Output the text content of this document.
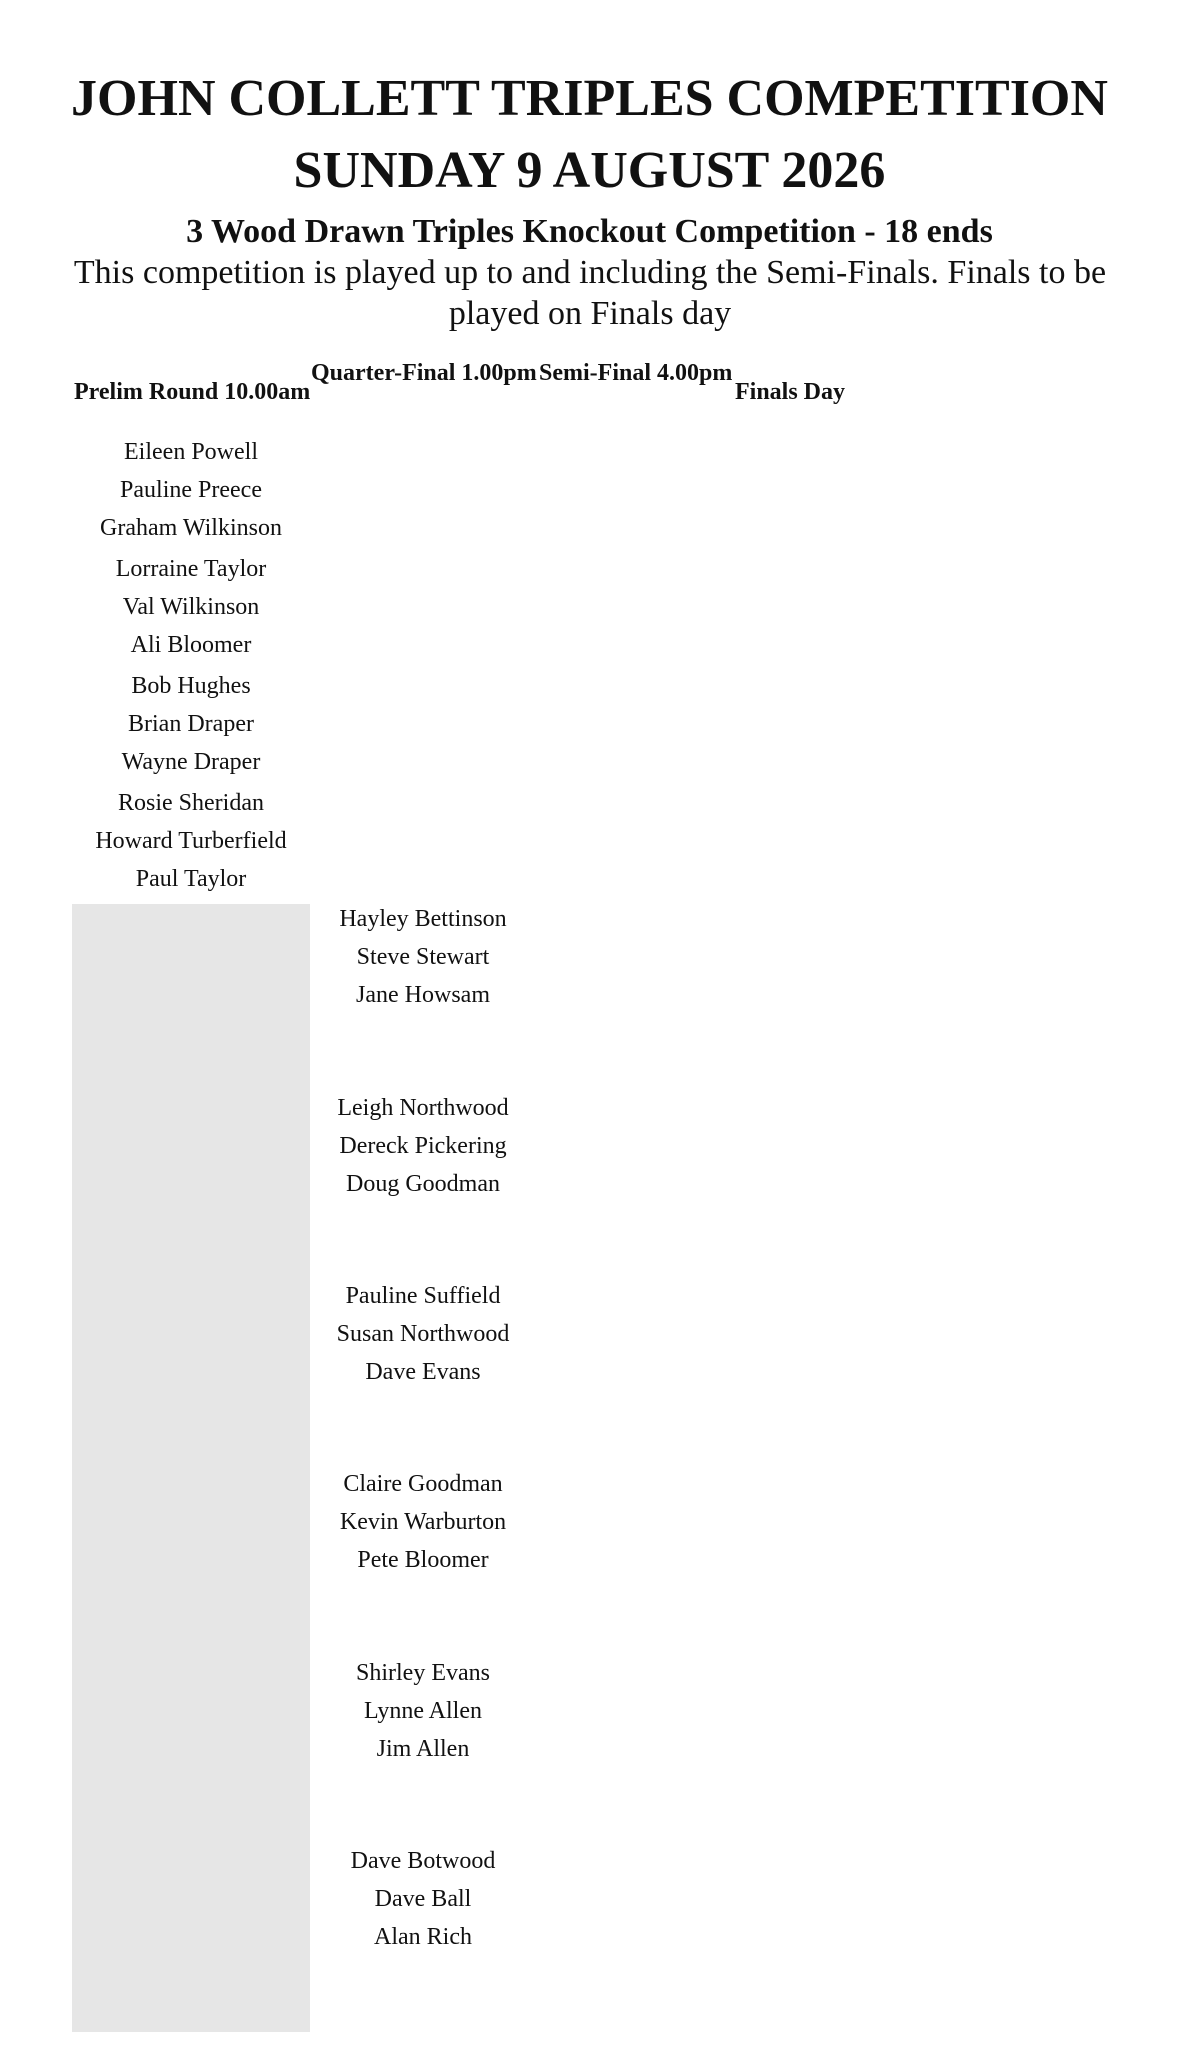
JOHN COLLETT TRIPLES COMPETITION
SUNDAY 9 AUGUST 2026
3 Wood Drawn Triples Knockout Competition - 18 ends
This competition is played up to and including the Semi-Finals. Finals to be played on Finals day
Prelim Round 10.00am
Quarter-Final 1.00pm Semi-Final 4.00pm
Finals Day
Eileen Powell
Pauline Preece
Graham Wilkinson
Lorraine Taylor
Val Wilkinson
Ali Bloomer
Bob Hughes
Brian Draper
Wayne Draper
Rosie Sheridan
Howard Turberfield
Paul Taylor
Hayley Bettinson
Steve Stewart
Jane Howsam
Leigh Northwood
Dereck Pickering
Doug Goodman
Pauline Suffield
Susan Northwood
Dave Evans
Claire Goodman
Kevin Warburton
Pete Bloomer
Shirley Evans
Lynne Allen
Jim Allen
Dave Botwood
Dave Ball
Alan Rich
